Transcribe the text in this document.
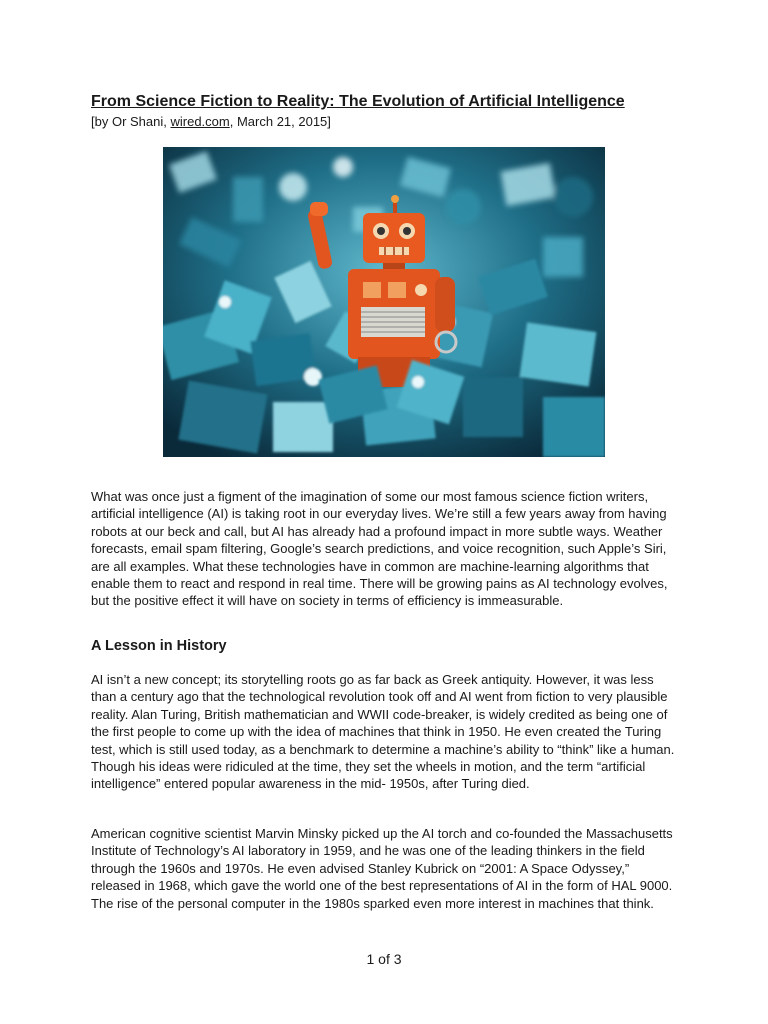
From Science Fiction to Reality: The Evolution of Artificial Intelligence
[by Or Shani, wired.com, March 21, 2015]

What was once just a figment of the imagination of some our most famous science fiction writers, artificial intelligence (AI) is taking root in our everyday lives. We’re still a few years away from having robots at our beck and call, but AI has already had a profound impact in more subtle ways. Weather forecasts, email spam filtering, Google’s search predictions, and voice recognition, such Apple’s Siri, are all examples. What these technologies have in common are machine-learning algorithms that enable them to react and respond in real time. There will be growing pains as AI technology evolves, but the positive effect it will have on society in terms of efficiency is immeasurable.

A Lesson in History

AI isn’t a new concept; its storytelling roots go as far back as Greek antiquity. However, it was less than a century ago that the technological revolution took off and AI went from fiction to very plausible reality. Alan Turing, British mathematician and WWII code-breaker, is widely credited as being one of the first people to come up with the idea of machines that think in 1950. He even created the Turing test, which is still used today, as a benchmark to determine a machine’s ability to “think” like a human. Though his ideas were ridiculed at the time, they set the wheels in motion, and the term “artificial intelligence” entered popular awareness in the mid- 1950s, after Turing died.

American cognitive scientist Marvin Minsky picked up the AI torch and co-founded the Massachusetts Institute of Technology’s AI laboratory in 1959, and he was one of the leading thinkers in the field through the 1960s and 1970s. He even advised Stanley Kubrick on “2001: A Space Odyssey,” released in 1968, which gave the world one of the best representations of AI in the form of HAL 9000. The rise of the personal computer in the 1980s sparked even more interest in machines that think.

1 of 3
